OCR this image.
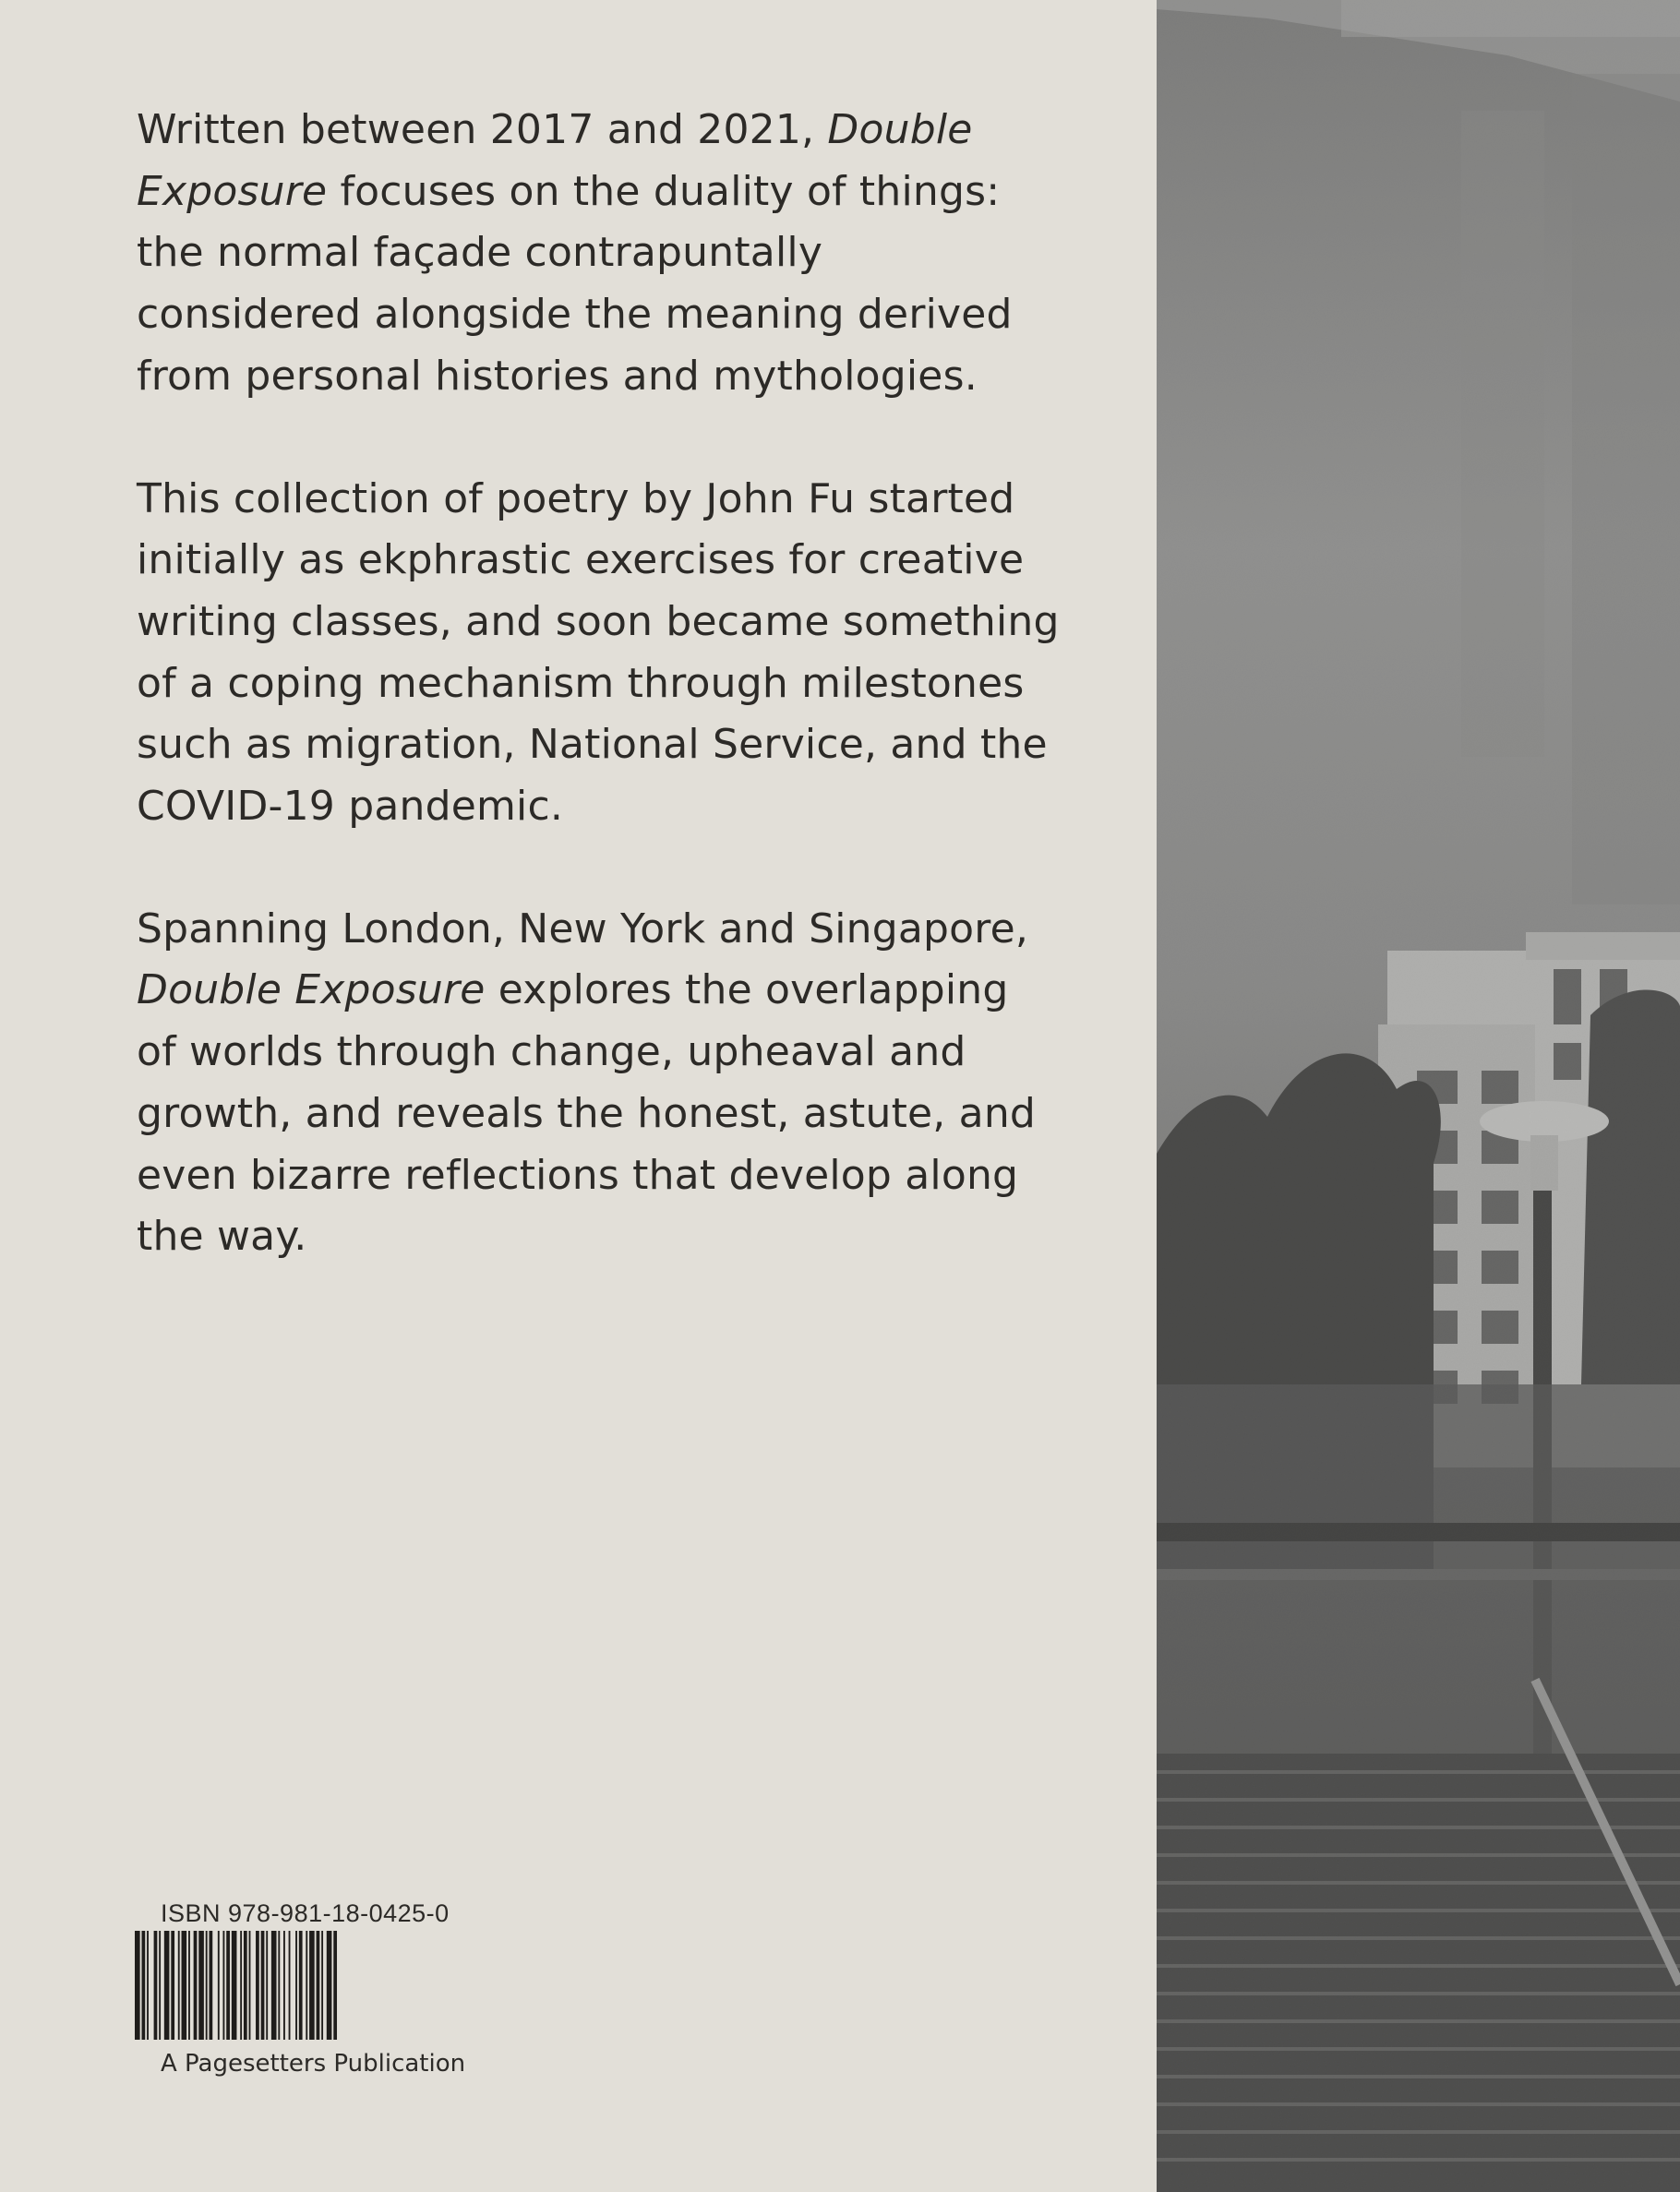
Written between 2017 and 2021, Double Exposure focuses on the duality of things: the normal façade contrapuntally considered alongside the meaning derived from personal histories and mythologies.

This collection of poetry by John Fu started initially as ekphrastic exercises for creative writing classes, and soon became something of a coping mechanism through milestones such as migration, National Service, and the COVID-19 pandemic.

Spanning London, New York and Singapore, Double Exposure explores the overlapping of worlds through change, upheaval and growth, and reveals the honest, astute, and even bizarre reflections that develop along the way.

ISBN 978-981-18-0425-0
A Pagesetters Publication
